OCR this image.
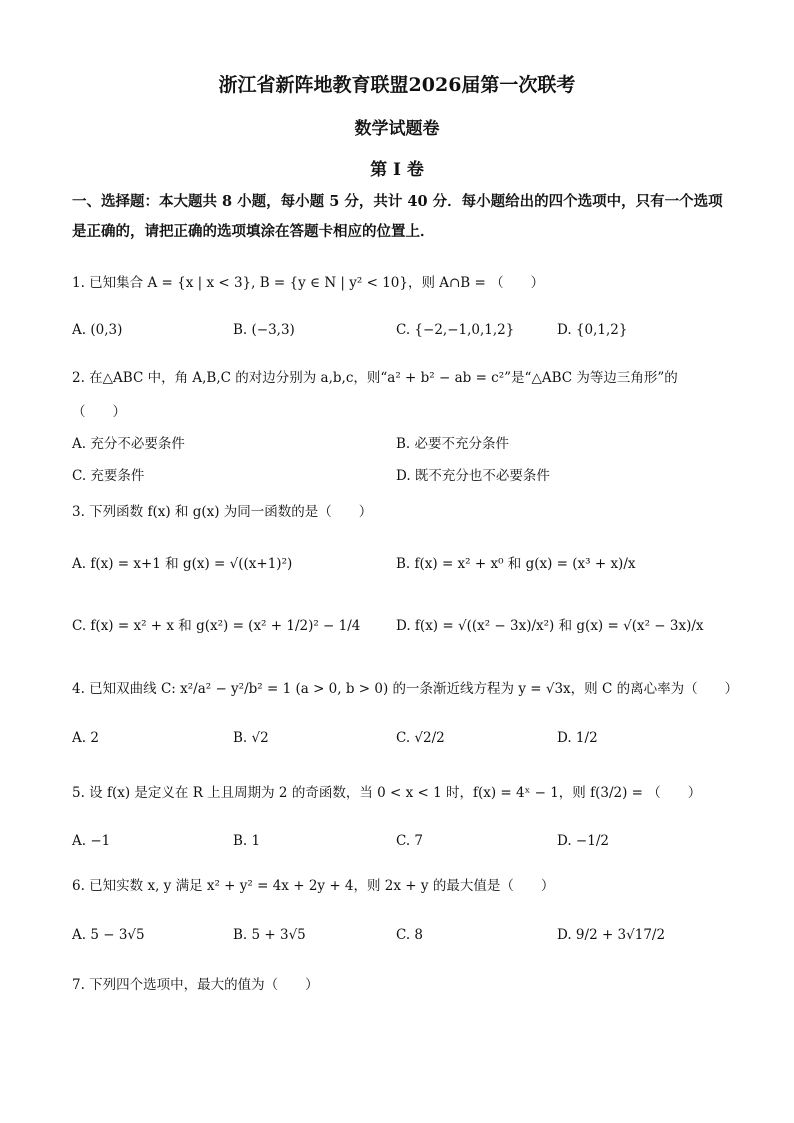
浙江省新阵地教育联盟2026届第一次联考
数学试题卷
第 I 卷
一、选择题：本大题共 8 小题，每小题 5 分，共计 40 分．每小题给出的四个选项中，只有一个选项是正确的，请把正确的选项填涂在答题卡相应的位置上．
1. 已知集合 A = {x | x < 3}, B = {y ∈ N | y² < 10}，则 A∩B = （　　）
A. (0,3)	B. (−3,3)	C. {−2,−1,0,1,2}	D. {0,1,2}
2. 在△ABC 中，角 A,B,C 的对边分别为 a,b,c，则“a² + b² − ab = c²”是“△ABC 为等边三角形”的
（　　）
A. 充分不必要条件	B. 必要不充分条件
C. 充要条件	D. 既不充分也不必要条件
3. 下列函数 f(x) 和 g(x) 为同一函数的是（　　）
A. f(x) = x+1 和 g(x) = √((x+1)²)	B. f(x) = x² + x⁰ 和 g(x) = (x³ + x)/x
C. f(x) = x² + x 和 g(x²) = (x² + 1/2)² − 1/4	D. f(x) = √((x² − 3x)/x²) 和 g(x) = √(x² − 3x)/x
4. 已知双曲线 C: x²/a² − y²/b² = 1 (a > 0, b > 0) 的一条渐近线方程为 y = √3x，则 C 的离心率为（　　）
A. 2	B. √2	C. √2/2	D. 1/2
5. 设 f(x) 是定义在 R 上且周期为 2 的奇函数，当 0 < x < 1 时，f(x) = 4ˣ − 1，则 f(3/2) = （　　）
A. −1	B. 1	C. 7	D. −1/2
6. 已知实数 x, y 满足 x² + y² = 4x + 2y + 4，则 2x + y 的最大值是（　　）
A. 5 − 3√5	B. 5 + 3√5	C. 8	D. 9/2 + 3√17/2
7. 下列四个选项中，最大的值为（　　）
